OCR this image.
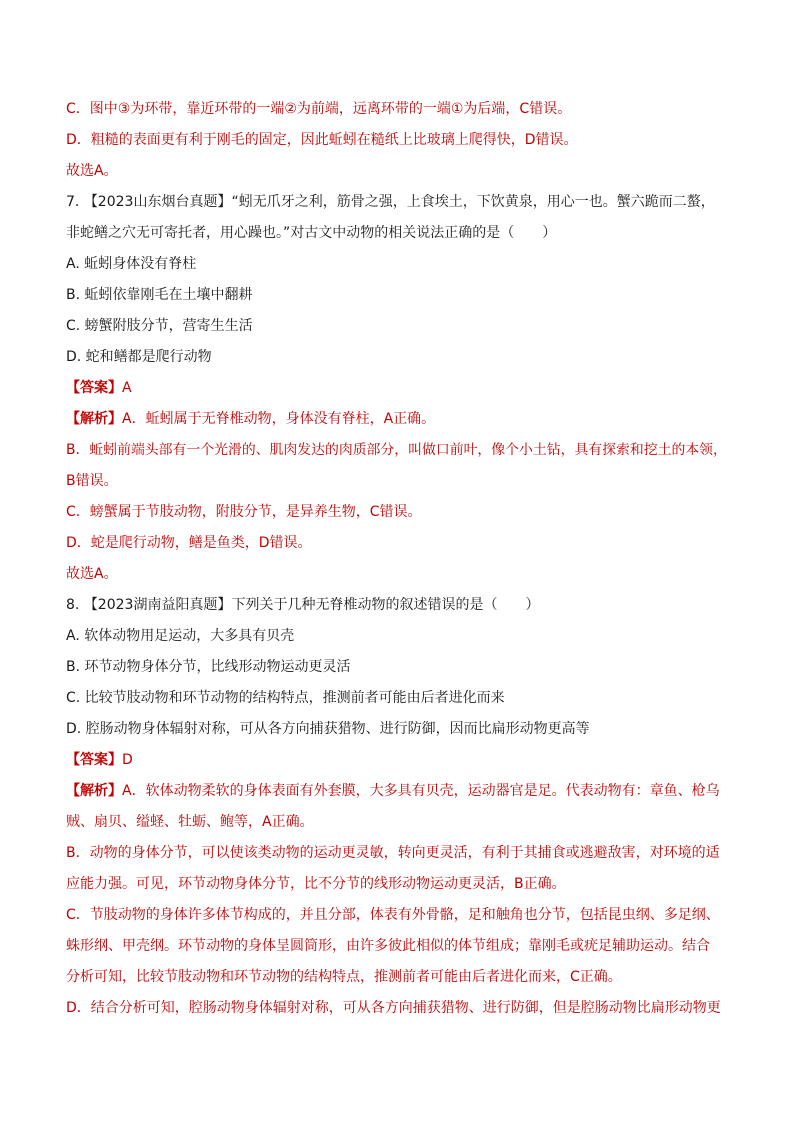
C．图中③为环带，靠近环带的一端②为前端，远离环带的一端①为后端，C错误。
D．粗糙的表面更有利于刚毛的固定，因此蚯蚓在糙纸上比玻璃上爬得快，D错误。
故选A。
7. 【2023山东烟台真题】“蚓无爪牙之利，筋骨之强，上食埃土，下饮黄泉，用心一也。蟹六跪而二螯，
非蛇鳝之穴无可寄托者，用心躁也。”对古文中动物的相关说法正确的是（　　）
A. 蚯蚓身体没有脊柱
B. 蚯蚓依靠刚毛在土壤中翻耕
C. 螃蟹附肢分节，营寄生生活
D. 蛇和鳝都是爬行动物
【答案】A
【解析】A．蚯蚓属于无脊椎动物，身体没有脊柱，A正确。
B．蚯蚓前端头部有一个光滑的、肌肉发达的肉质部分，叫做口前叶，像个小土钻，具有探索和挖土的本领，
B错误。
C．螃蟹属于节肢动物，附肢分节，是异养生物，C错误。
D．蛇是爬行动物，鳝是鱼类，D错误。
故选A。
8. 【2023湖南益阳真题】下列关于几种无脊椎动物的叙述错误的是（　　）
A. 软体动物用足运动，大多具有贝壳
B. 环节动物身体分节，比线形动物运动更灵活
C. 比较节肢动物和环节动物的结构特点，推测前者可能由后者进化而来
D. 腔肠动物身体辐射对称，可从各方向捕获猎物、进行防御，因而比扁形动物更高等
【答案】D
【解析】A．软体动物柔软的身体表面有外套膜，大多具有贝壳，运动器官是足。代表动物有：章鱼、枪乌
贼、扇贝、缢蛏、牡蛎、鲍等，A正确。
B．动物的身体分节，可以使该类动物的运动更灵敏，转向更灵活，有利于其捕食或逃避敌害，对环境的适
应能力强。可见，环节动物身体分节，比不分节的线形动物运动更灵活，B正确。
C．节肢动物的身体许多体节构成的，并且分部，体表有外骨骼，足和触角也分节，包括昆虫纲、多足纲、
蛛形纲、甲壳纲。环节动物的身体呈圆筒形，由许多彼此相似的体节组成；靠刚毛或疣足辅助运动。结合
分析可知，比较节肢动物和环节动物的结构特点，推测前者可能由后者进化而来，C正确。
D．结合分析可知，腔肠动物身体辐射对称，可从各方向捕获猎物、进行防御，但是腔肠动物比扁形动物更
